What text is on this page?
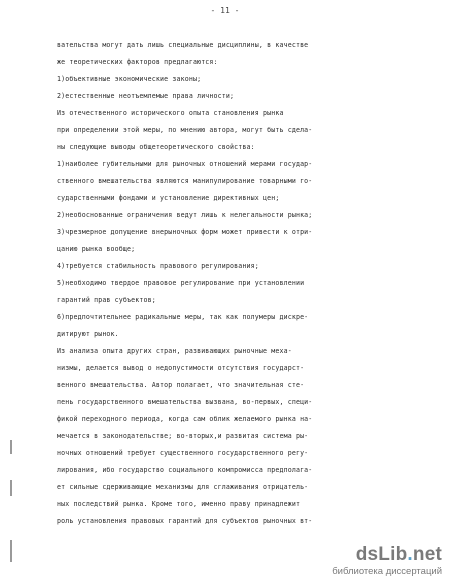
- 11 -
вательства могут дать лишь специальные дисциплины, в качестве
же теоретических факторов предлагаются:
1)объективные экономические законы;
2)естественные неотъемлемые права личности;
Из отечественного исторического опыта становления рынка
при определении этой меры, по мнению автора, могут быть сдела-
ны следующие выводы общетеоретического свойства:
1)наиболее губительными для рыночных отношений мерами государ-
ственного вмешательства являются манипулирование товарными го-
сударственными фондами и установление директивных цен;
2)необоснованные ограничения ведут лишь к нелегальности рынка;
3)чрезмерное допущение внерыночных форм может привести к отри-
цанию рынка вообще;
4)требуется стабильность правового регулирования;
5)необходимо твердое правовое регулирование при установлении
гарантий прав субъектов;
6)предпочтительнее радикальные меры, так как полумеры дискре-
дитируют рынок.
Из анализа опыта других стран, развивающих рыночные меха-
низмы, делается вывод о недопустимости отсутствия государст-
венного вмешательства. Автор полагает, что значительная сте-
пень государственного вмешательства вызвана, во-первых, специ-
фикой переходного периода, когда сам облик желаемого рынка на-
мечается в законодательстве; во-вторых,и развитая система ры-
ночных отношений требует существенного государственного регу-
лирования, ибо государство социального компромисса предполага-
ет сильные сдерживающие механизмы для сглаживания отрицатель-
ных последствий рынка. Кроме того, именно праву принадлежит
роль установления правовых гарантий для субъектов рыночных вт-
dsLib.net
библиотека диссертаций
